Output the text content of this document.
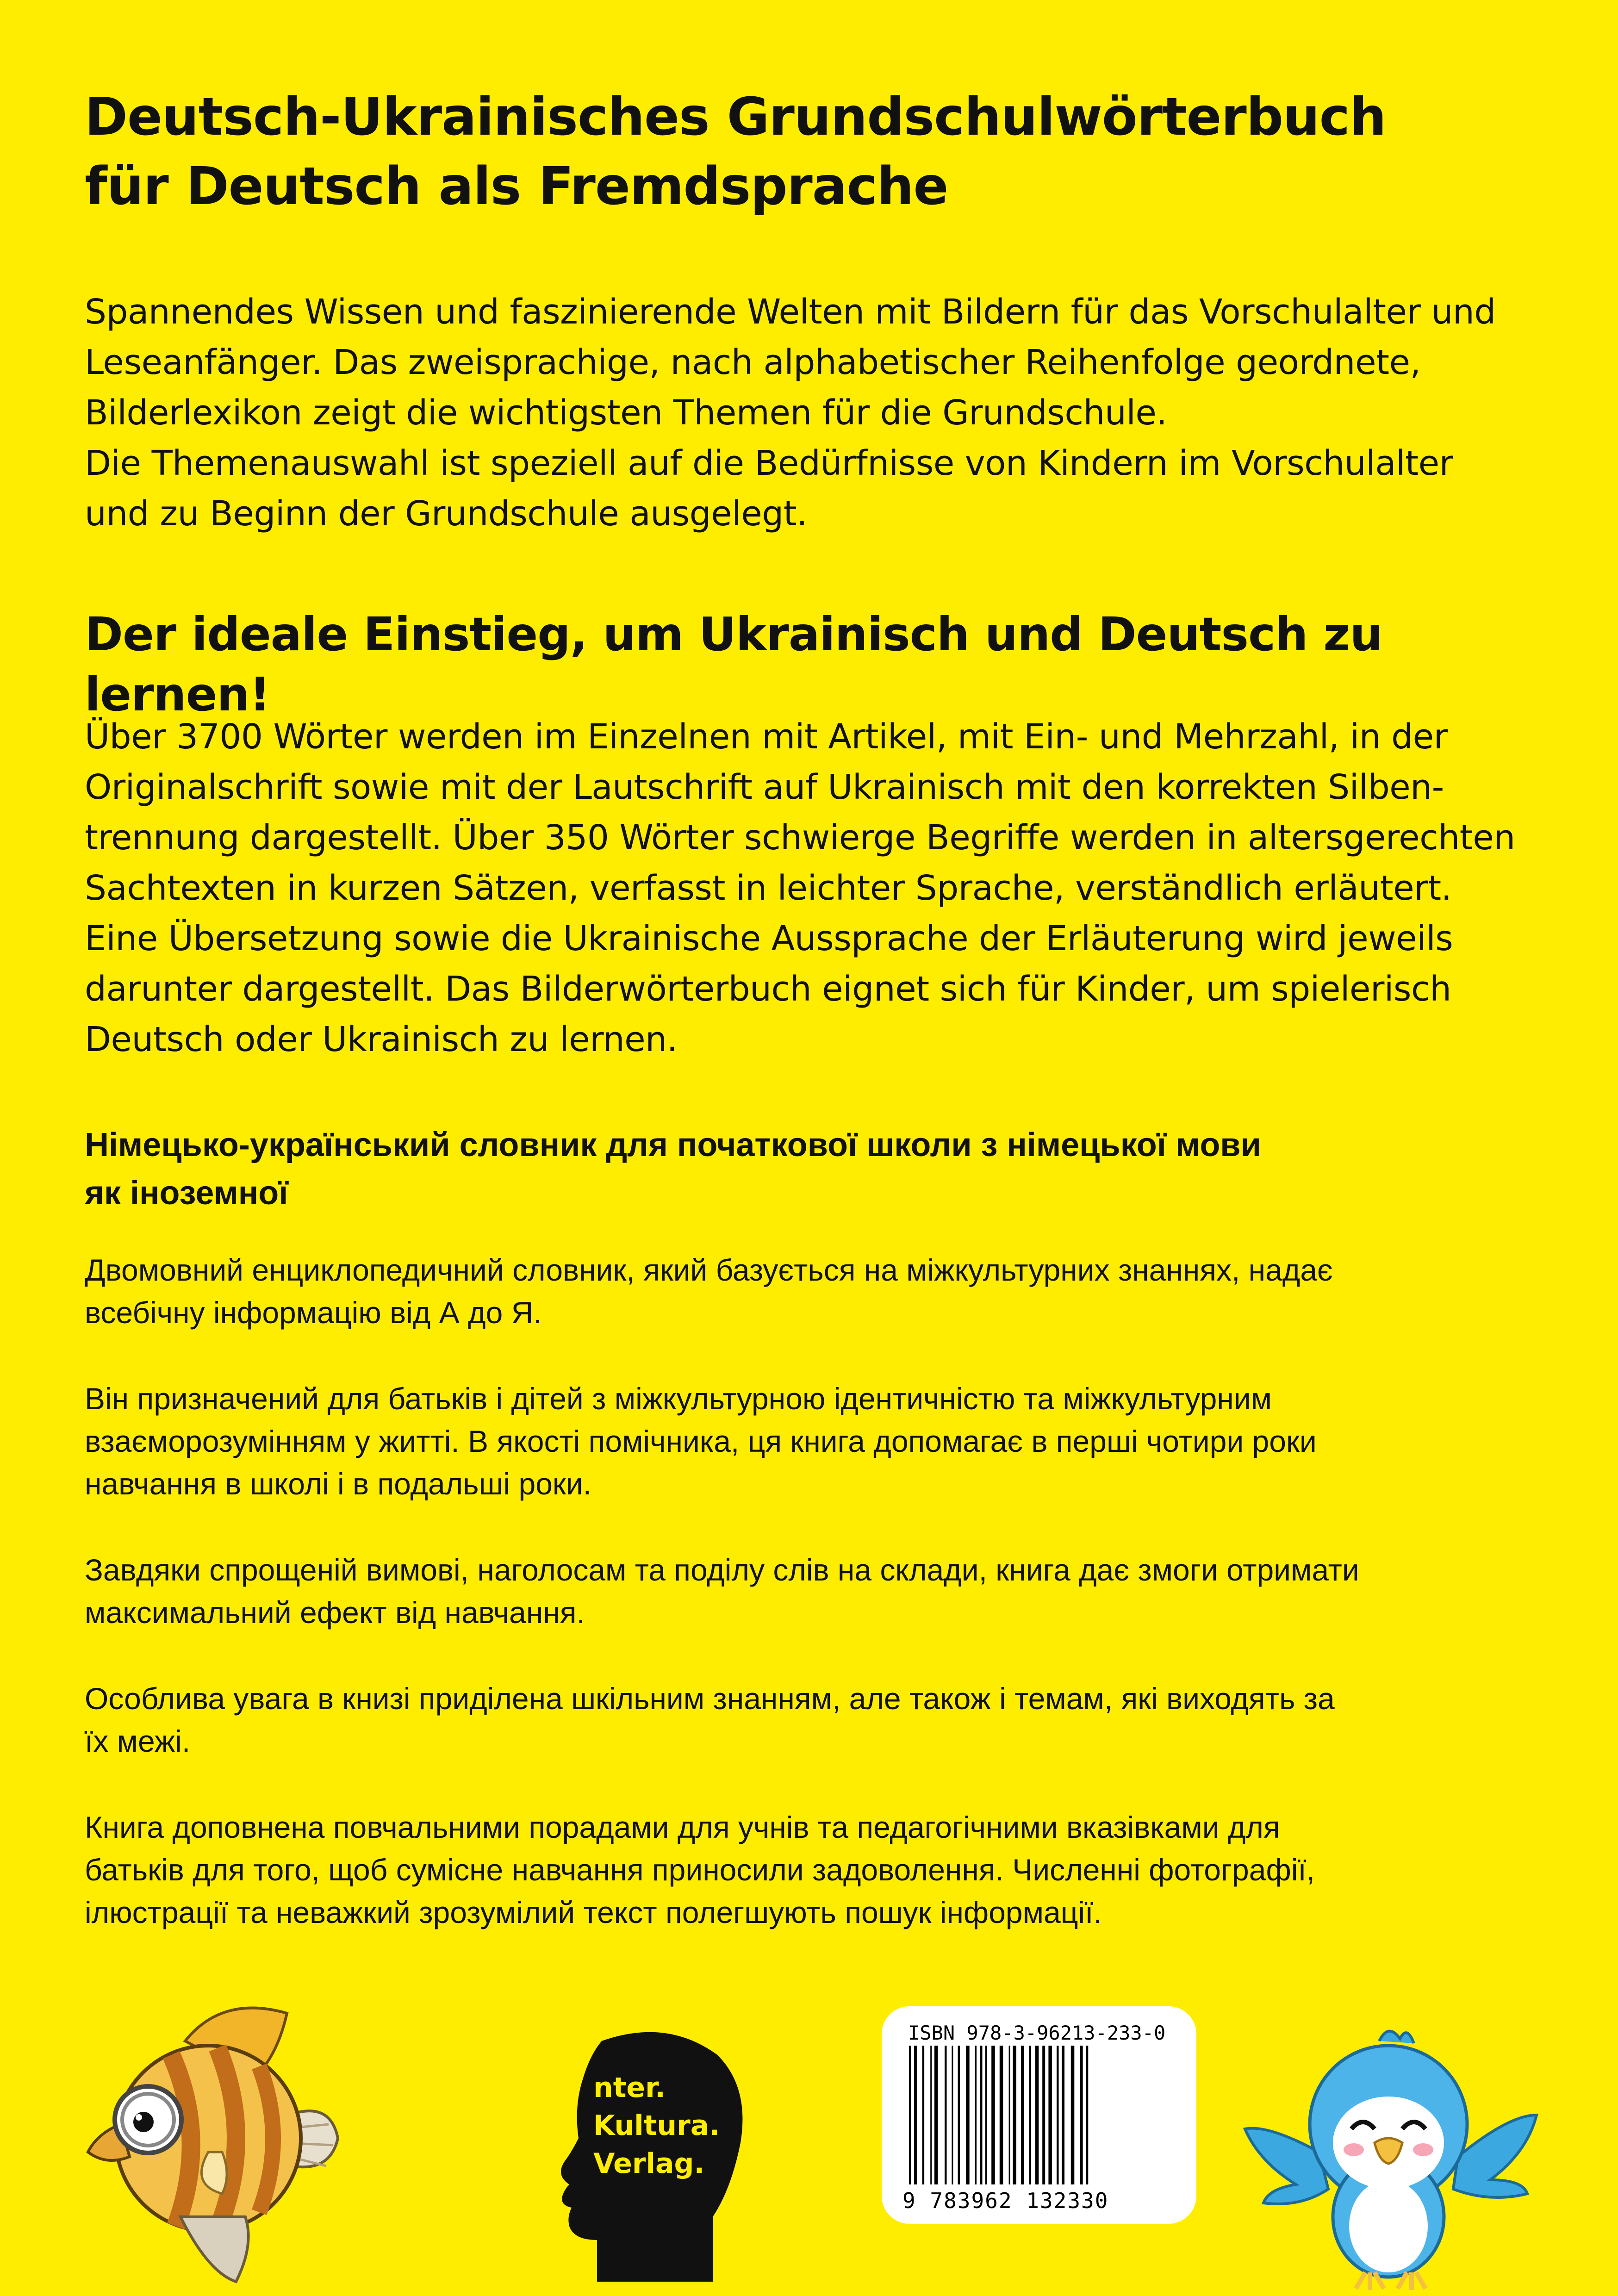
Deutsch-Ukrainisches Grundschulwörterbuch
für Deutsch als Fremdsprache
Spannendes Wissen und faszinierende Welten mit Bildern für das Vorschulalter und
Leseanfänger. Das zweisprachige, nach alphabetischer Reihenfolge geordnete,
Bilderlexikon zeigt die wichtigsten Themen für die Grundschule.
Die Themenauswahl ist speziell auf die Bedürfnisse von Kindern im Vorschulalter
und zu Beginn der Grundschule ausgelegt.
Der ideale Einstieg, um Ukrainisch und Deutsch zu lernen!
Über 3700 Wörter werden im Einzelnen mit Artikel, mit Ein- und Mehrzahl, in der
Originalschrift sowie mit der Lautschrift auf Ukrainisch mit den korrekten Silben-
trennung dargestellt. Über 350 Wörter schwierge Begriffe werden in altersgerechten
Sachtexten in kurzen Sätzen, verfasst in leichter Sprache, verständlich erläutert.
Eine Übersetzung sowie die Ukrainische Aussprache der Erläuterung wird jeweils
darunter dargestellt. Das Bilderwörterbuch eignet sich für Kinder, um spielerisch
Deutsch oder Ukrainisch zu lernen.
Німецько-український словник для початкової школи з німецької мови
як іноземної
Двомовний енциклопедичний словник, який базується на міжкультурних знаннях, надає
всебічну інформацію від А до Я.
Він призначений для батьків і дітей з міжкультурною ідентичністю та міжкультурним
взаєморозумінням у житті. В якості помічника, ця книга допомагає в перші чотири роки
навчання в школі і в подальші роки.
Завдяки спрощеній вимові, наголосам та поділу слів на склади, книга дає змоги отримати
максимальний ефект від навчання.
Особлива увага в книзі приділена шкільним знанням, але також і темам, які виходять за
їх межі.
Книга доповнена повчальними порадами для учнів та педагогічними вказівками для
батьків для того, щоб сумісне навчання приносили задоволення. Численні фотографії,
ілюстрації та неважкий зрозумілий текст полегшують пошук інформації.
nter.
Kultura.
Verlag.
ISBN 978-3-96213-233-0
9 783962 132330
